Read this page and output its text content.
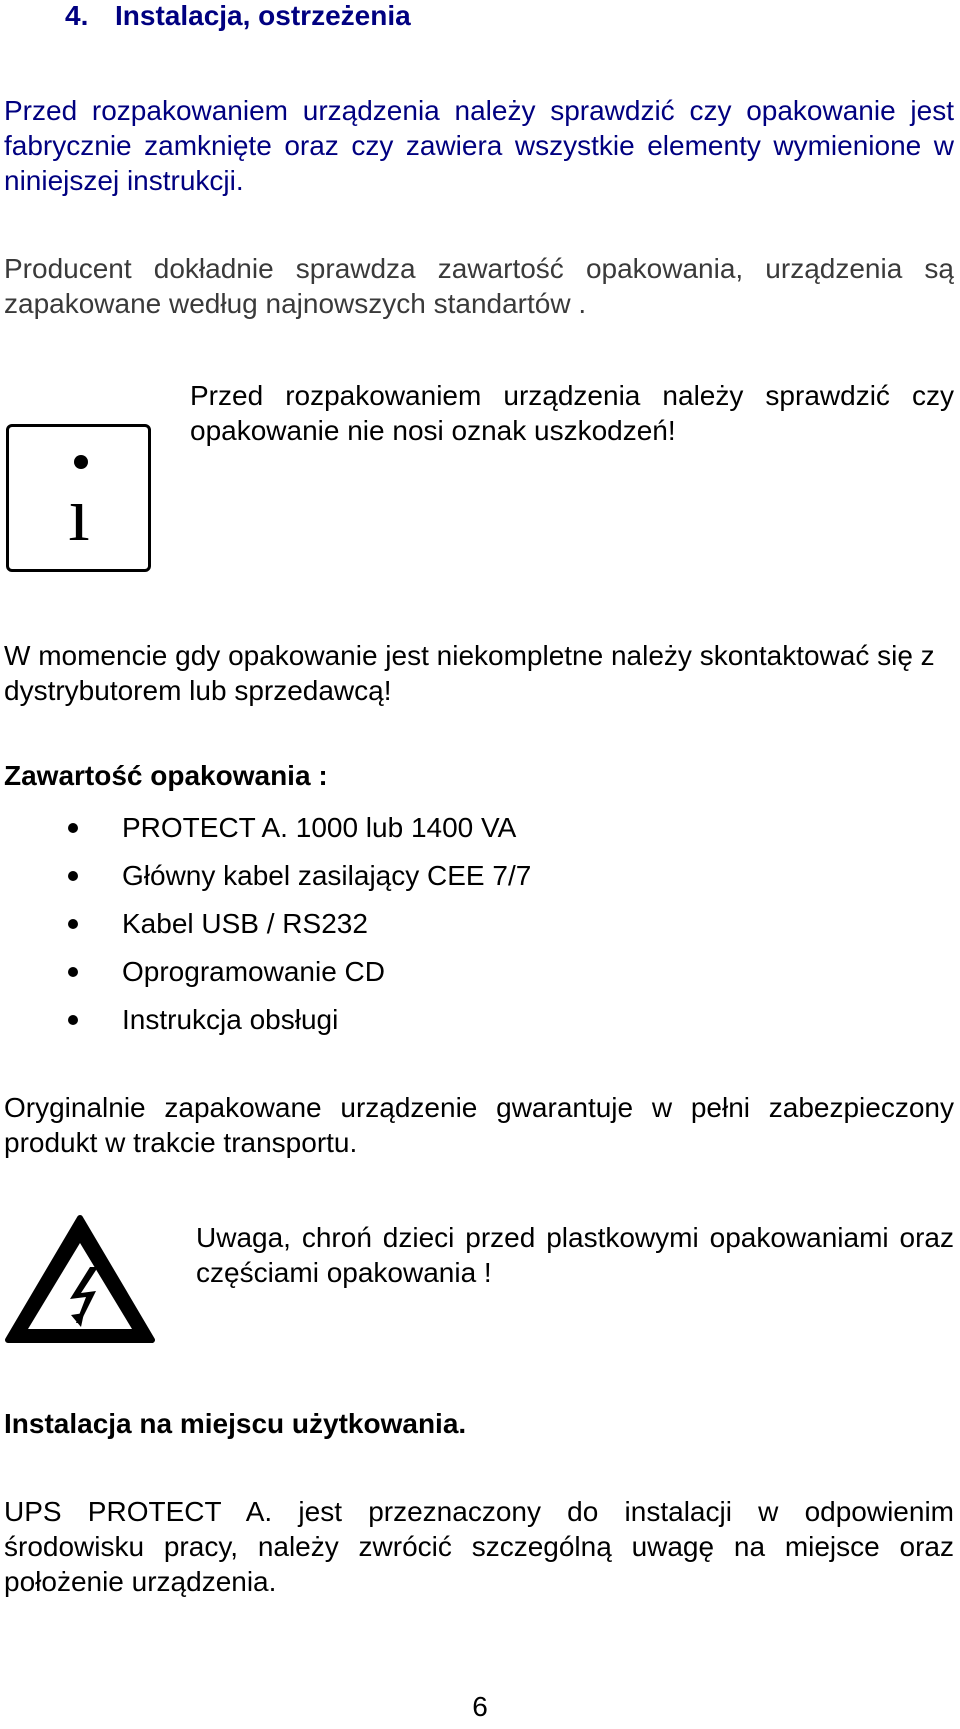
4. Instalacja, ostrzeżenia

Przed rozpakowaniem urządzenia należy sprawdzić czy opakowanie jest fabrycznie zamknięte oraz czy zawiera wszystkie elementy wymienione w niniejszej instrukcji.

Producent dokładnie sprawdza zawartość opakowania, urządzenia są zapakowane według najnowszych standartów .

ı

Przed rozpakowaniem urządzenia należy sprawdzić czy opakowanie nie nosi oznak uszkodzeń!

W momencie gdy opakowanie jest niekompletne należy skontaktować się z dystrybutorem lub sprzedawcą!

Zawartość opakowania :
PROTECT A. 1000 lub 1400 VA
Główny kabel zasilający CEE 7/7
Kabel USB / RS232
Oprogramowanie CD
Instrukcja obsługi

Oryginalnie zapakowane urządzenie gwarantuje w pełni zabezpieczony produkt w trakcie transportu.

Uwaga, chroń dzieci przed plastkowymi opakowaniami oraz częściami opakowania !

Instalacja na miejscu użytkowania.

UPS PROTECT A. jest przeznaczony do instalacji w odpowienim środowisku pracy, należy zwrócić szczególną uwagę na miejsce oraz położenie urządzenia.

6
